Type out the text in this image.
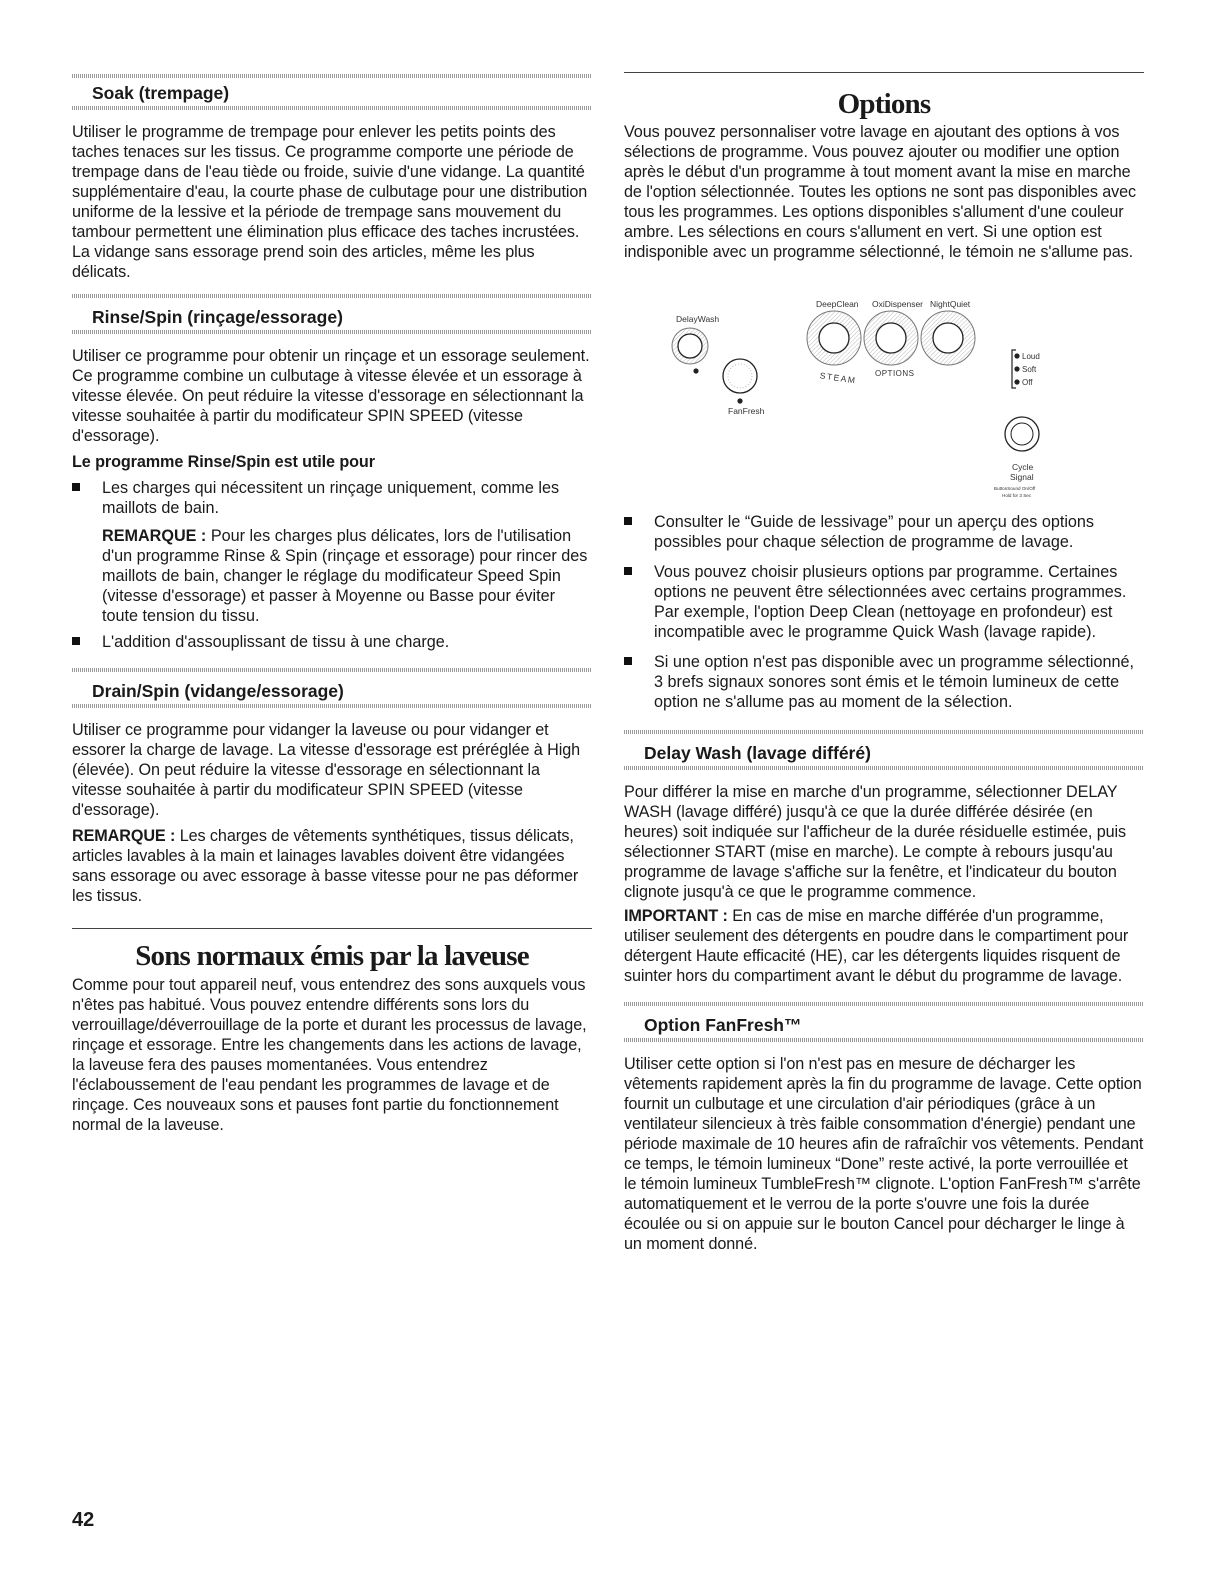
Soak (trempage)

Utiliser le programme de trempage pour enlever les petits points des taches tenaces sur les tissus. Ce programme comporte une période de trempage dans de l'eau tiède ou froide, suivie d'une vidange. La quantité supplémentaire d'eau, la courte phase de culbutage pour une distribution uniforme de la lessive et la période de trempage sans mouvement du tambour permettent une élimination plus efficace des taches incrustées. La vidange sans essorage prend soin des articles, même les plus délicats.

Rinse/Spin (rinçage/essorage)

Utiliser ce programme pour obtenir un rinçage et un essorage seulement. Ce programme combine un culbutage à vitesse élevée et un essorage à vitesse élevée. On peut réduire la vitesse d'essorage en sélectionnant la vitesse souhaitée à partir du modificateur SPIN SPEED (vitesse d'essorage).

Le programme Rinse/Spin est utile pour

Les charges qui nécessitent un rinçage uniquement, comme les maillots de bain.

REMARQUE : Pour les charges plus délicates, lors de l'utilisation d'un programme Rinse & Spin (rinçage et essorage) pour rincer des maillots de bain, changer le réglage du modificateur Speed Spin (vitesse d'essorage) et passer à Moyenne ou Basse pour éviter toute tension du tissu.

L'addition d'assouplissant de tissu à une charge.
Drain/Spin (vidange/essorage)

Utiliser ce programme pour vidanger la laveuse ou pour vidanger et essorer la charge de lavage. La vitesse d'essorage est préréglée à High (élevée). On peut réduire la vitesse d'essorage en sélectionnant la vitesse souhaitée à partir du modificateur SPIN SPEED (vitesse d'essorage).

REMARQUE : Les charges de vêtements synthétiques, tissus délicats, articles lavables à la main et lainages lavables doivent être vidangées sans essorage ou avec essorage à basse vitesse pour ne pas déformer les tissus.

Sons normaux émis par la laveuse

Comme pour tout appareil neuf, vous entendrez des sons auxquels vous n'êtes pas habitué. Vous pouvez entendre différents sons lors du verrouillage/déverrouillage de la porte et durant les processus de lavage, rinçage et essorage. Entre les changements dans les actions de lavage, la laveuse fera des pauses momentanées. Vous entendrez l'éclaboussement de l'eau pendant les programmes de lavage et de rinçage. Ces nouveaux sons et pauses font partie du fonctionnement normal de la laveuse.

Options

Vous pouvez personnaliser votre lavage en ajoutant des options à vos sélections de programme. Vous pouvez ajouter ou modifier une option après le début d'un programme à tout moment avant la mise en marche de l'option sélectionnée. Toutes les options ne sont pas disponibles avec tous les programmes. Les options disponibles s'allument d'une couleur ambre. Les sélections en cours s'allument en vert. Si une option est indisponible avec un programme sélectionné, le témoin ne s'allume pas.

Consulter le “Guide de lessivage” pour un aperçu des options possibles pour chaque sélection de programme de lavage.
Vous pouvez choisir plusieurs options par programme. Certaines options ne peuvent être sélectionnées avec certains programmes. Par exemple, l'option Deep Clean (nettoyage en profondeur) est incompatible avec le programme Quick Wash (lavage rapide).
Si une option n'est pas disponible avec un programme sélectionné, 3 brefs signaux sonores sont émis et le témoin lumineux de cette option ne s'allume pas au moment de la sélection.
Delay Wash (lavage différé)

Pour différer la mise en marche d'un programme, sélectionner DELAY WASH (lavage différé) jusqu'à ce que la durée différée désirée (en heures) soit indiquée sur l'afficheur de la durée résiduelle estimée, puis sélectionner START (mise en marche). Le compte à rebours jusqu'au programme de lavage s'affiche sur la fenêtre, et l'indicateur du bouton clignote jusqu'à ce que le programme commence.

IMPORTANT : En cas de mise en marche différée d'un programme, utiliser seulement des détergents en poudre dans le compartiment pour détergent Haute efficacité (HE), car les détergents liquides risquent de suinter hors du compartiment avant le début du programme de lavage.

Option FanFresh™

Utiliser cette option si l'on n'est pas en mesure de décharger les vêtements rapidement après la fin du programme de lavage. Cette option fournit un culbutage et une circulation d'air périodiques (grâce à un ventilateur silencieux à très faible consommation d'énergie) pendant une période maximale de 10 heures afin de rafraîchir vos vêtements. Pendant ce temps, le témoin lumineux “Done” reste activé, la porte verrouillée et le témoin lumineux TumbleFresh™ clignote. L'option FanFresh™ s'arrête automatiquement et le verrou de la porte s'ouvre une fois la durée écoulée ou si on appuie sur le bouton Cancel pour décharger le linge à un moment donné.

DelayWash
FanFresh
DeepClean OxiDispenser NightQuiet
STEAM OPTIONS
Loud
Soft
Off
Cycle
Signal
ButtonSound On/Off
Hold for 3 Sec
42
